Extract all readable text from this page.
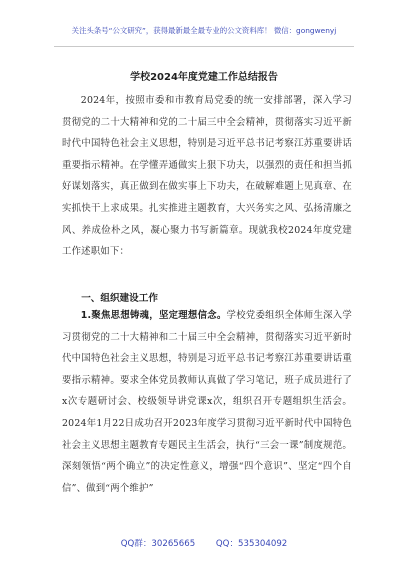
关注头条号“公文研究”，获得最新最全最专业的公文资料库！ 微信：gongwenyj
学校2024年度党建工作总结报告

2024年，按照市委和市教育局党委的统一安排部署，深入学习贯彻党的二十大精神和党的二十届三中全会精神，贯彻落实习近平新时代中国特色社会主义思想，特别是习近平总书记考察江苏重要讲话重要指示精神。在学懂弄通做实上狠下功夫，以强烈的责任和担当抓好谋划落实，真正做到在做实事上下功夫，在破解难题上见真章、在实抓快干上求成果。扎实推进主题教育，大兴务实之风、弘扬清廉之风、养成俭朴之风，凝心聚力书写新篇章。现就我校2024年度党建工作述职如下：

一、组织建设工作

1.聚焦思想铸魂，坚定理想信念。学校党委组织全体师生深入学习贯彻党的二十大精神和二十届三中全会精神，贯彻落实习近平新时代中国特色社会主义思想，特别是习近平总书记考察江苏重要讲话重要指示精神。要求全体党员教师认真做了学习笔记，班子成员进行了x次专题研讨会、校级领导讲党课x次，组织召开专题组织生活会。2024年1月22日成功召开2023年度学习贯彻习近平新时代中国特色社会主义思想主题教育专题民主生活会，执行“三会一课”制度规范。深刻领悟“两个确立”的决定性意义，增强“四个意识”、坚定“四个自信”、做到“两个维护”

QQ群：30265665 QQ：535304092
